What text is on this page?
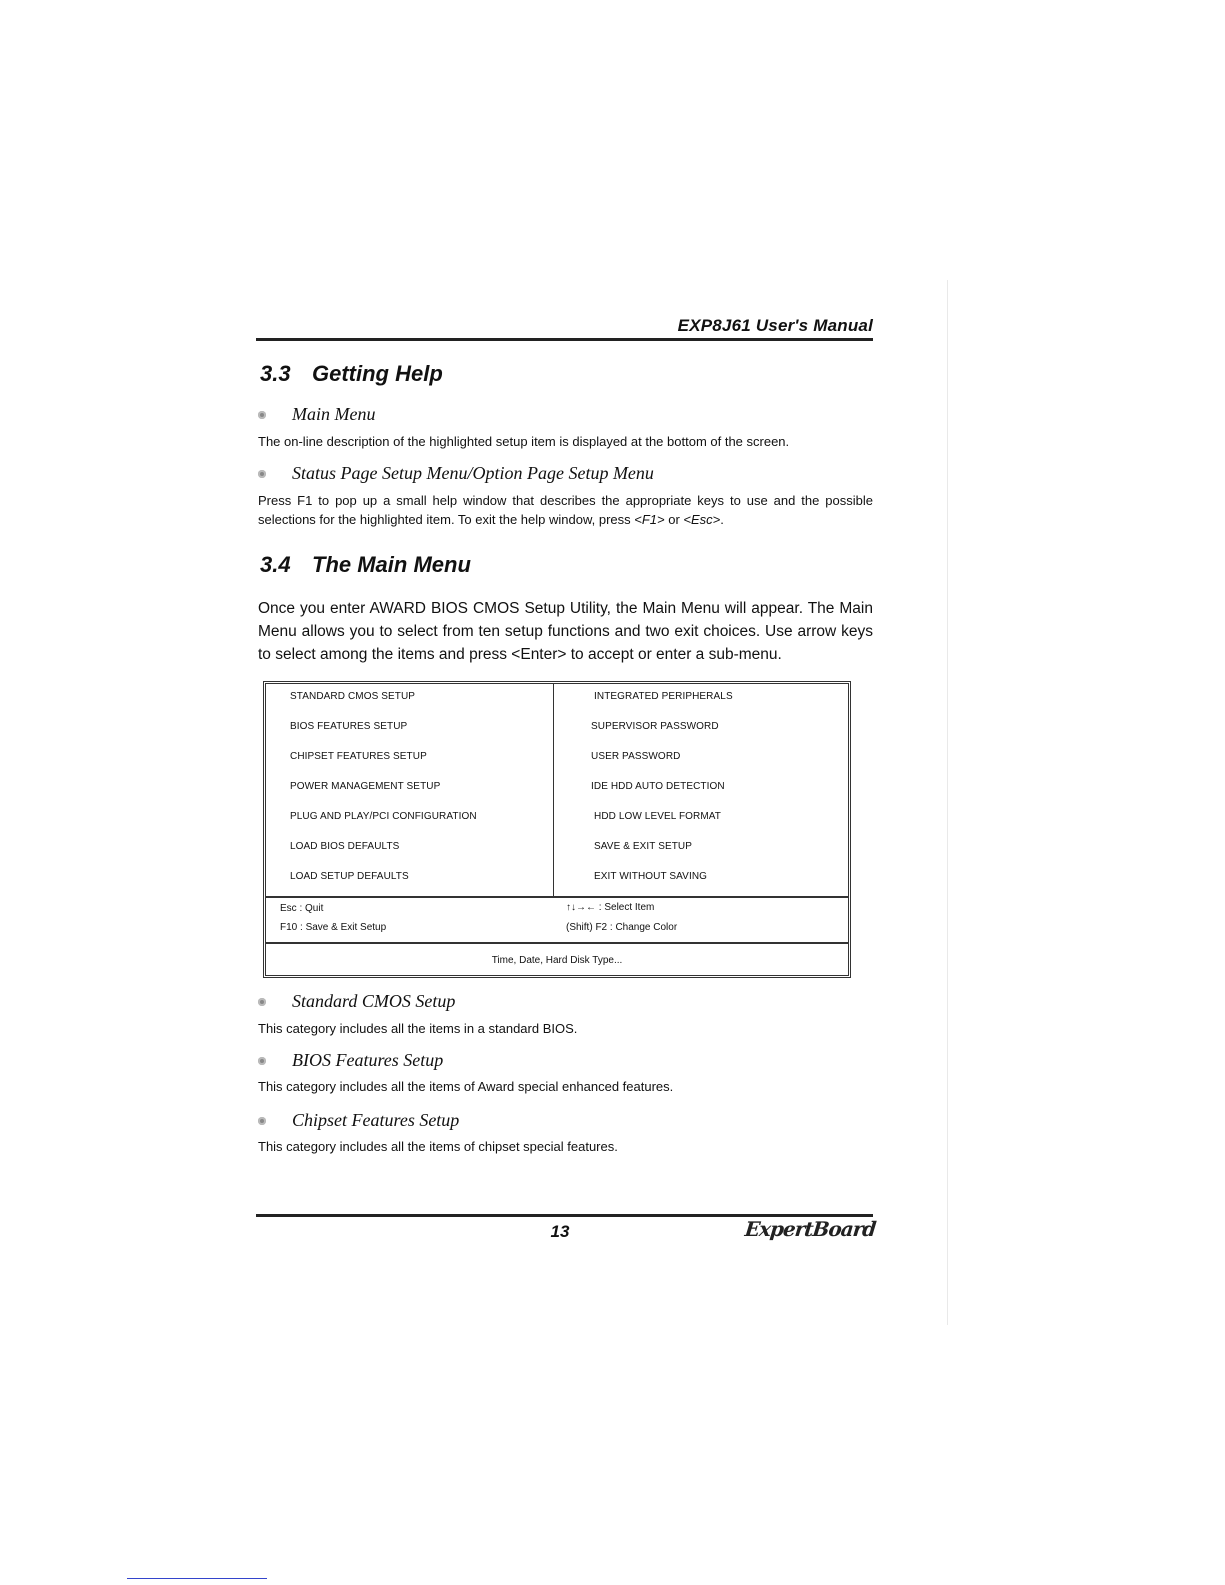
EXP8J61 User's Manual
3.3 Getting Help
Main Menu
The on-line description of the highlighted setup item is displayed at the bottom of the screen.
Status Page Setup Menu/Option Page Setup Menu
Press F1 to pop up a small help window that describes the appropriate keys to use and the possible selections for the highlighted item. To exit the help window, press <F1> or <Esc>.
3.4 The Main Menu
Once you enter AWARD BIOS CMOS Setup Utility, the Main Menu will appear. The Main Menu allows you to select from ten setup functions and two exit choices. Use arrow keys to select among the items and press <Enter> to accept or enter a sub-menu.
STANDARD CMOS SETUP
BIOS FEATURES SETUP
CHIPSET FEATURES SETUP
POWER MANAGEMENT SETUP
PLUG AND PLAY/PCI CONFIGURATION
LOAD BIOS DEFAULTS
LOAD SETUP DEFAULTS
INTEGRATED PERIPHERALS
SUPERVISOR PASSWORD
USER PASSWORD
IDE HDD AUTO DETECTION
HDD LOW LEVEL FORMAT
SAVE & EXIT SETUP
EXIT WITHOUT SAVING
Esc : Quit
F10 : Save & Exit Setup
↑↓→← : Select Item
(Shift) F2 : Change Color
Time, Date, Hard Disk Type...
Standard CMOS Setup
This category includes all the items in a standard BIOS.
BIOS Features Setup
This category includes all the items of Award special enhanced features.
Chipset Features Setup
This category includes all the items of chipset special features.
13	ExpertBoard
